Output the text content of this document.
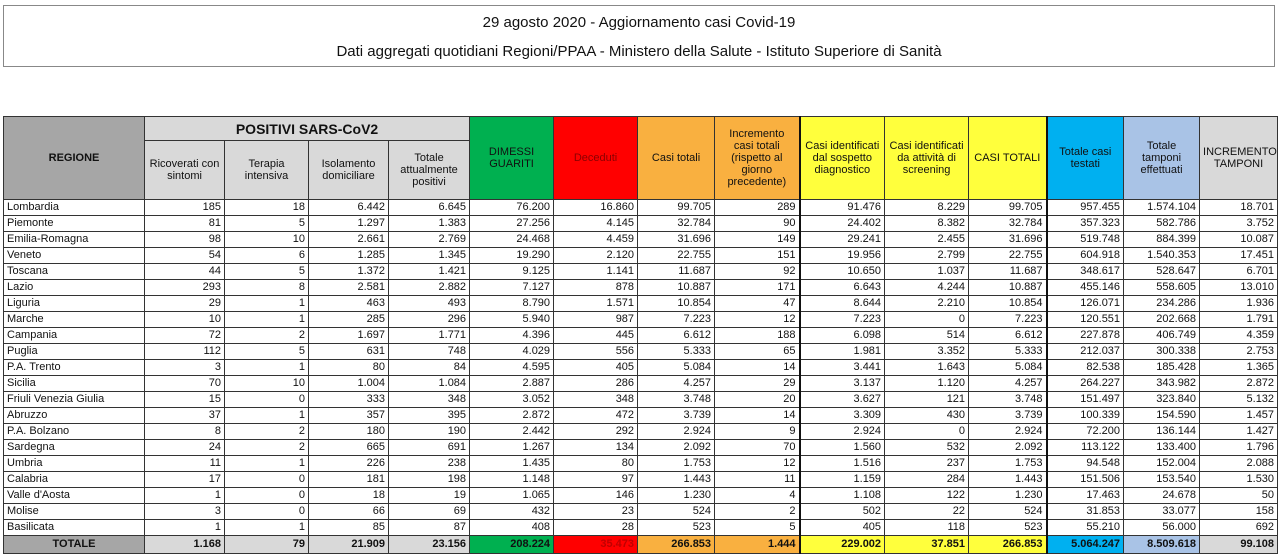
29 agosto 2020 - Aggiornamento casi Covid-19
Dati aggregati quotidiani Regioni/PPAA - Ministero della Salute - Istituto Superiore di Sanità
REGIONE	POSITIVI SARS-CoV2				DIMESSI GUARITI	Deceduti	Casi totali	Incremento casi totali (rispetto al giorno precedente)	Casi identificati dal sospetto diagnostico	Casi identificati da attività di screening	CASI TOTALI	Totale casi testati	Totale tamponi effettuati	INCREMENTO TAMPONI
	Ricoverati con sintomi	Terapia intensiva	Isolamento domiciliare	Totale attualmente positivi										
Lombardia	185	18	6.442	6.645	76.200	16.860	99.705	289	91.476	8.229	99.705	957.455	1.574.104	18.701
Piemonte	81	5	1.297	1.383	27.256	4.145	32.784	90	24.402	8.382	32.784	357.323	582.786	3.752
Emilia-Romagna	98	10	2.661	2.769	24.468	4.459	31.696	149	29.241	2.455	31.696	519.748	884.399	10.087
Veneto	54	6	1.285	1.345	19.290	2.120	22.755	151	19.956	2.799	22.755	604.918	1.540.353	17.451
Toscana	44	5	1.372	1.421	9.125	1.141	11.687	92	10.650	1.037	11.687	348.617	528.647	6.701
Lazio	293	8	2.581	2.882	7.127	878	10.887	171	6.643	4.244	10.887	455.146	558.605	13.010
Liguria	29	1	463	493	8.790	1.571	10.854	47	8.644	2.210	10.854	126.071	234.286	1.936
Marche	10	1	285	296	5.940	987	7.223	12	7.223	0	7.223	120.551	202.668	1.791
Campania	72	2	1.697	1.771	4.396	445	6.612	188	6.098	514	6.612	227.878	406.749	4.359
Puglia	112	5	631	748	4.029	556	5.333	65	1.981	3.352	5.333	212.037	300.338	2.753
P.A. Trento	3	1	80	84	4.595	405	5.084	14	3.441	1.643	5.084	82.538	185.428	1.365
Sicilia	70	10	1.004	1.084	2.887	286	4.257	29	3.137	1.120	4.257	264.227	343.982	2.872
Friuli Venezia Giulia	15	0	333	348	3.052	348	3.748	20	3.627	121	3.748	151.497	323.840	5.132
Abruzzo	37	1	357	395	2.872	472	3.739	14	3.309	430	3.739	100.339	154.590	1.457
P.A. Bolzano	8	2	180	190	2.442	292	2.924	9	2.924	0	2.924	72.200	136.144	1.427
Sardegna	24	2	665	691	1.267	134	2.092	70	1.560	532	2.092	113.122	133.400	1.796
Umbria	11	1	226	238	1.435	80	1.753	12	1.516	237	1.753	94.548	152.004	2.088
Calabria	17	0	181	198	1.148	97	1.443	11	1.159	284	1.443	151.506	153.540	1.530
Valle d'Aosta	1	0	18	19	1.065	146	1.230	4	1.108	122	1.230	17.463	24.678	50
Molise	3	0	66	69	432	23	524	2	502	22	524	31.853	33.077	158
Basilicata	1	1	85	87	408	28	523	5	405	118	523	55.210	56.000	692
TOTALE	1.168	79	21.909	23.156	208.224	35.473	266.853	1.444	229.002	37.851	266.853	5.064.247	8.509.618	99.108
